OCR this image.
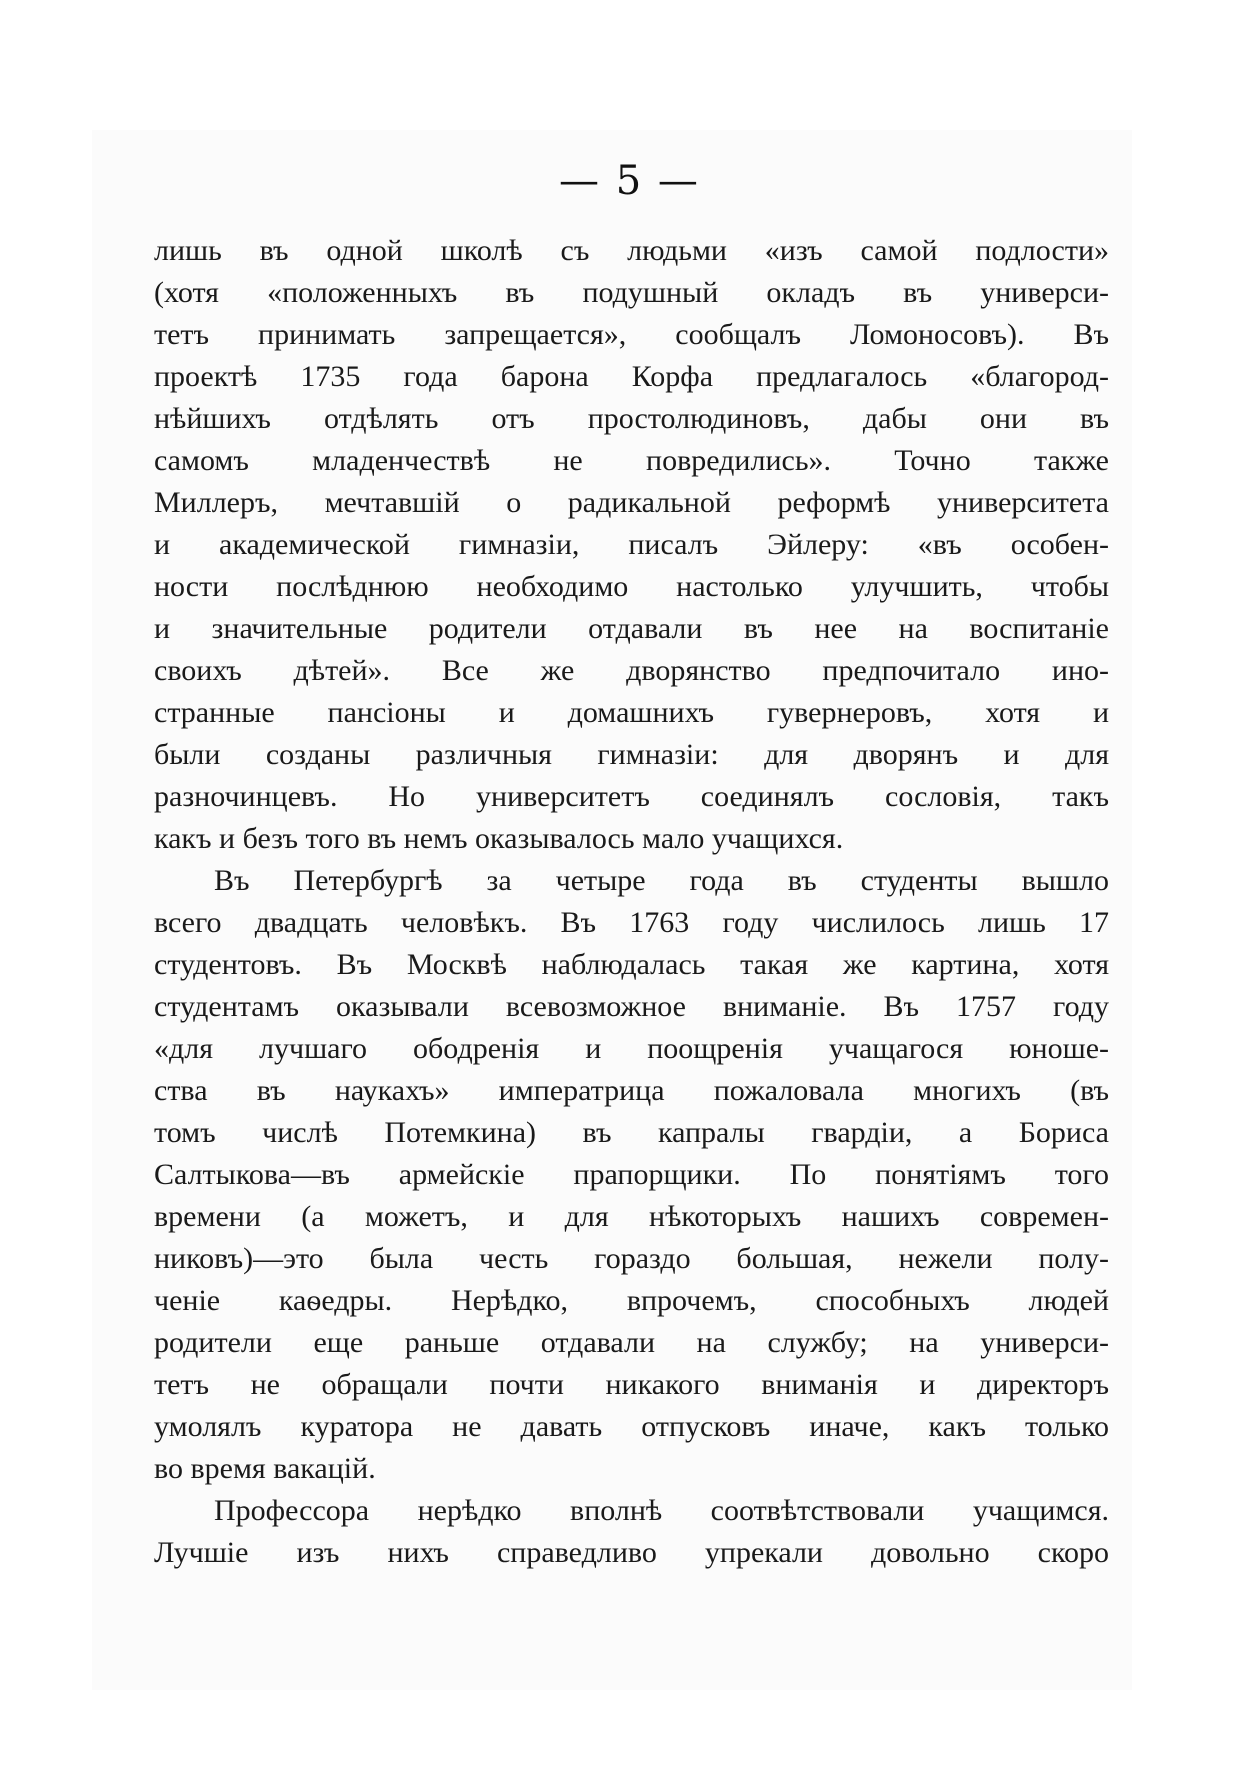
— 5 —
лишь въ одной школѣ съ людьми «изъ самой подлости»
(хотя «положенныхъ въ подушный окладъ въ универси-
тетъ принимать запрещается», сообщалъ Ломоносовъ). Въ
проектѣ 1735 года барона Корфа предлагалось «благород-
нѣйшихъ отдѣлять отъ простолюдиновъ, дабы они въ
самомъ младенчествѣ не повредились». Точно также
Миллеръ, мечтавшій о радикальной реформѣ университета
и академической гимназіи, писалъ Эйлеру: «въ особен-
ности послѣднюю необходимо настолько улучшить, чтобы
и значительные родители отдавали въ нее на воспитаніе
своихъ дѣтей». Все же дворянство предпочитало ино-
странные пансіоны и домашнихъ гувернеровъ, хотя и
были созданы различныя гимназіи: для дворянъ и для
разночинцевъ. Но университетъ соединялъ сословія, такъ
какъ и безъ того въ немъ оказывалось мало учащихся.
Въ Петербургѣ за четыре года въ студенты вышло
всего двадцать человѣкъ. Въ 1763 году числилось лишь 17
студентовъ. Въ Москвѣ наблюдалась такая же картина, хотя
студентамъ оказывали всевозможное вниманіе. Въ 1757 году
«для лучшаго ободренія и поощренія учащагося юноше-
ства въ наукахъ» императрица пожаловала многихъ (въ
томъ числѣ Потемкина) въ капралы гвардіи, а Бориса
Салтыкова—въ армейскіе прапорщики. По понятіямъ того
времени (а можетъ, и для нѣкоторыхъ нашихъ современ-
никовъ)—это была честь гораздо большая, нежели полу-
ченіе каѳедры. Нерѣдко, впрочемъ, способныхъ людей
родители еще раньше отдавали на службу; на универси-
тетъ не обращали почти никакого вниманія и директоръ
умолялъ куратора не давать отпусковъ иначе, какъ только
во время вакацій.
Профессора нерѣдко вполнѣ соотвѣтствовали учащимся.
Лучшіе изъ нихъ справедливо упрекали довольно скоро
